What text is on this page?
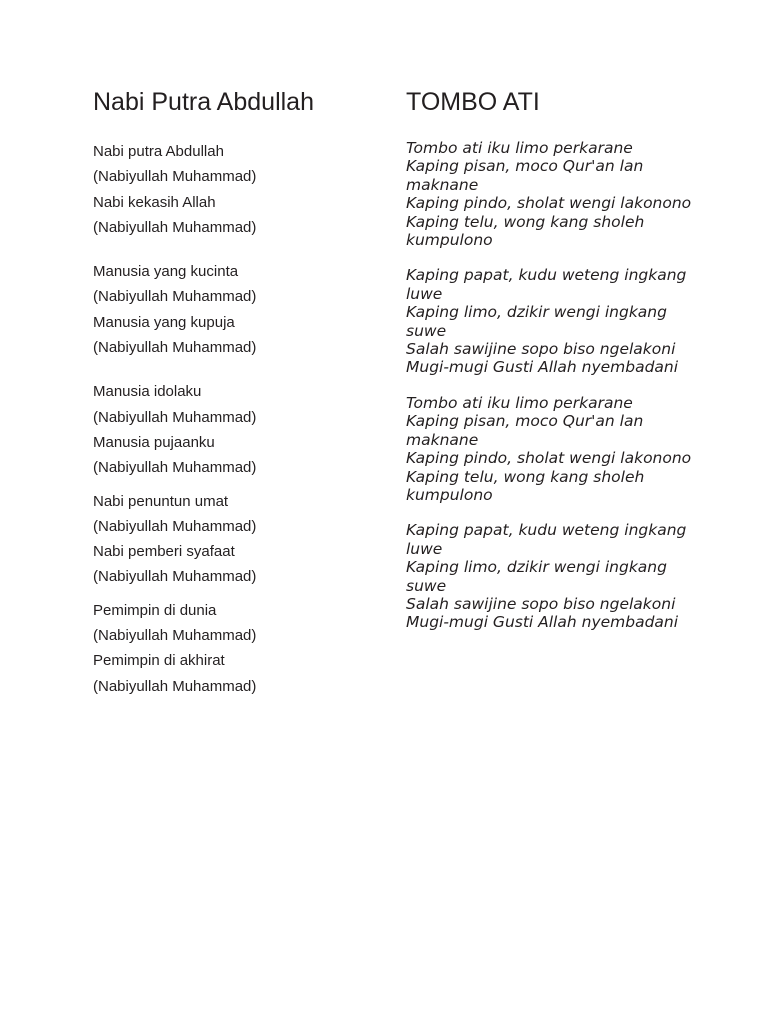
Nabi Putra Abdullah
Nabi putra Abdullah
(Nabiyullah Muhammad)
Nabi kekasih Allah
(Nabiyullah Muhammad)
Manusia yang kucinta
(Nabiyullah Muhammad)
Manusia yang kupuja
(Nabiyullah Muhammad)
Manusia idolaku
(Nabiyullah Muhammad)
Manusia pujaanku
(Nabiyullah Muhammad)
Nabi penuntun umat
(Nabiyullah Muhammad)
Nabi pemberi syafaat
(Nabiyullah Muhammad)
Pemimpin di dunia
(Nabiyullah Muhammad)
Pemimpin di akhirat
(Nabiyullah Muhammad)
TOMBO ATI
Tombo ati iku limo perkarane
Kaping pisan, moco Qur'an lan maknane
Kaping pindo, sholat wengi lakonono
Kaping telu, wong kang sholeh kumpulono
Kaping papat, kudu weteng ingkang luwe
Kaping limo, dzikir wengi ingkang suwe
Salah sawijine sopo biso ngelakoni
Mugi-mugi Gusti Allah nyembadani
Tombo ati iku limo perkarane
Kaping pisan, moco Qur'an lan maknane
Kaping pindo, sholat wengi lakonono
Kaping telu, wong kang sholeh kumpulono
Kaping papat, kudu weteng ingkang luwe
Kaping limo, dzikir wengi ingkang suwe
Salah sawijine sopo biso ngelakoni
Mugi-mugi Gusti Allah nyembadani
